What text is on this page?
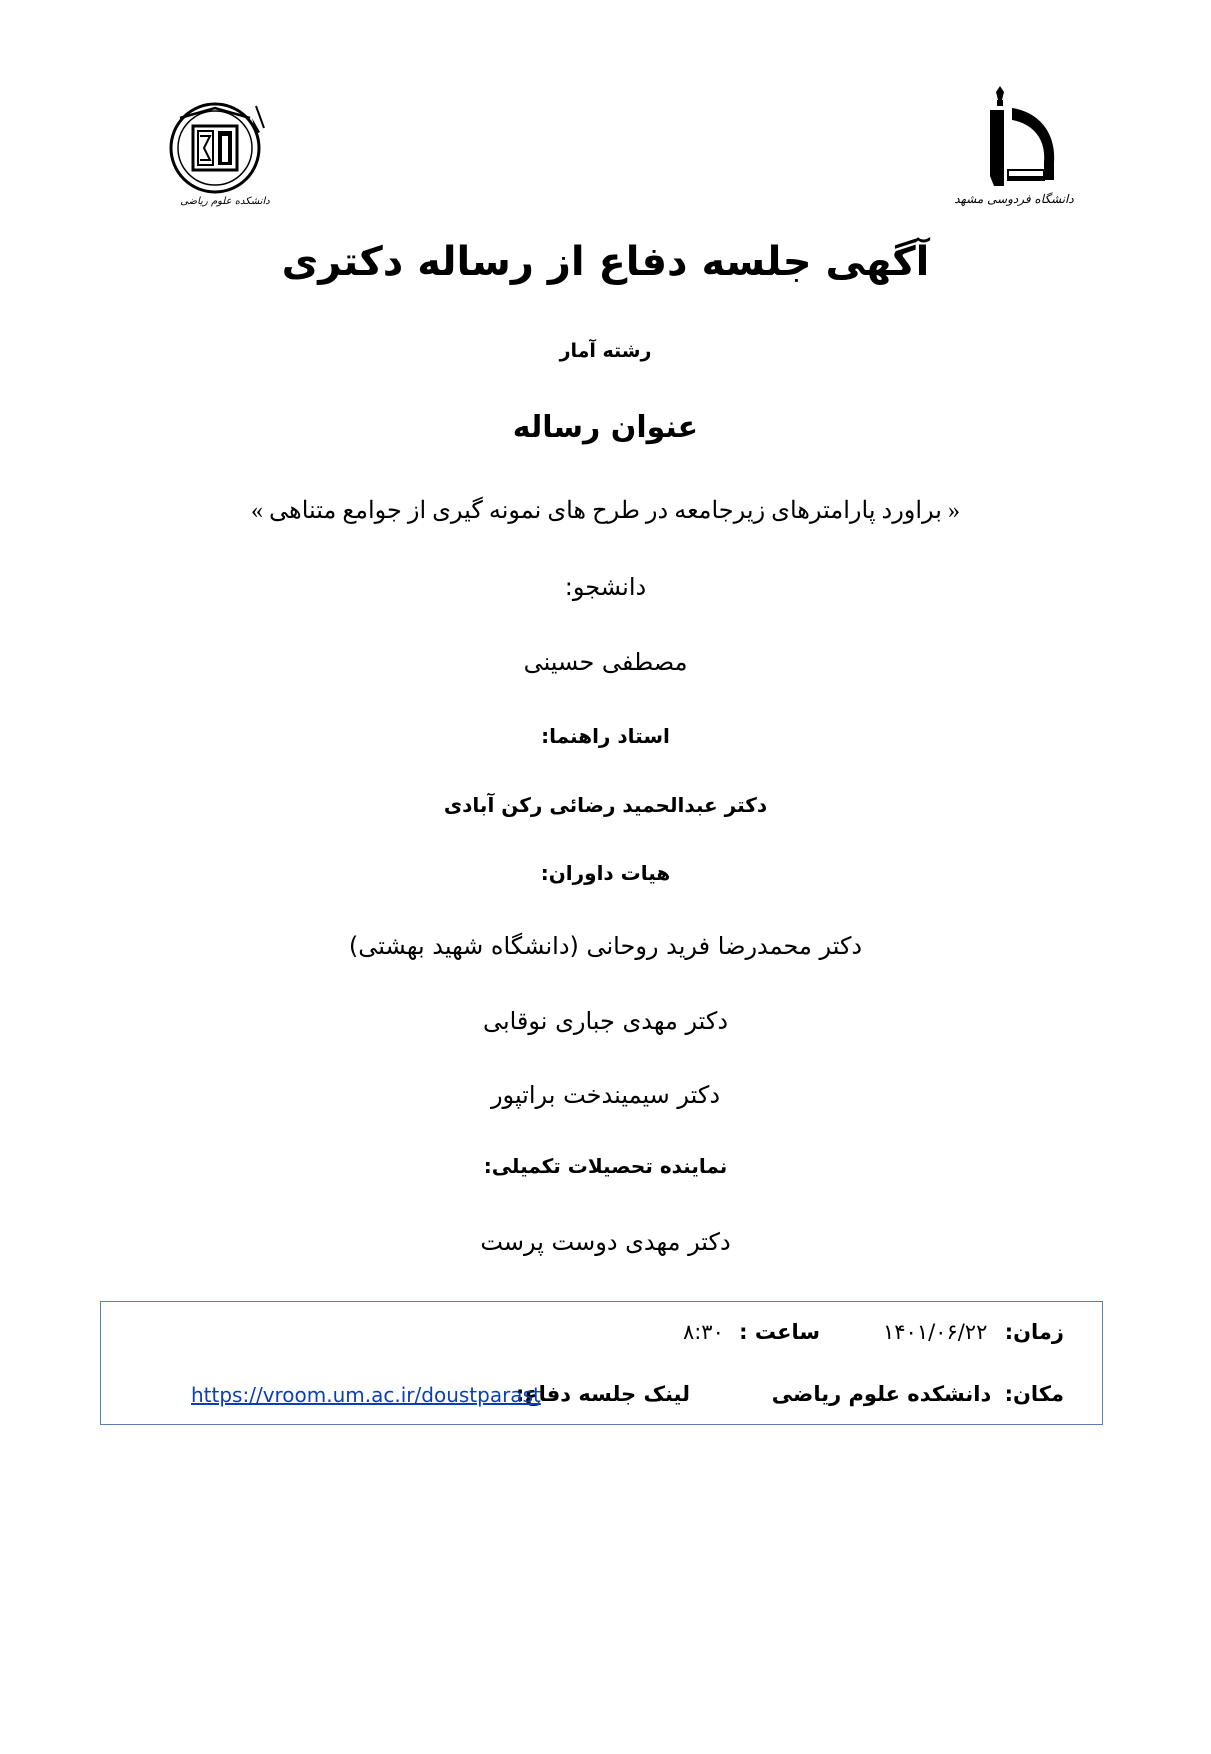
دانشکده علوم ریاضی	دانشگاه فردوسی مشهد
آگهی جلسه دفاع از رساله دکتری
رشته آمار
عنوان رساله
« براورد پارامترهای زیرجامعه در طرح های نمونه گیری از جوامع متناهی »
دانشجو:
مصطفی حسینی
استاد راهنما:
دکتر عبدالحمید رضائی رکن آبادی
هیات داوران:
دکتر محمدرضا فرید روحانی (دانشگاه شهید بهشتی)
دکتر مهدی جباری نوقابی
دکتر سیمیندخت براتپور
نماینده تحصیلات تکمیلی:
دکتر مهدی دوست پرست
زمان: ۱۴۰۱/۰۶/۲۲
ساعت : ۸:۳۰
مکان: دانشکده علوم ریاضی
لینک جلسه دفاع:
https://vroom.um.ac.ir/doustparast
